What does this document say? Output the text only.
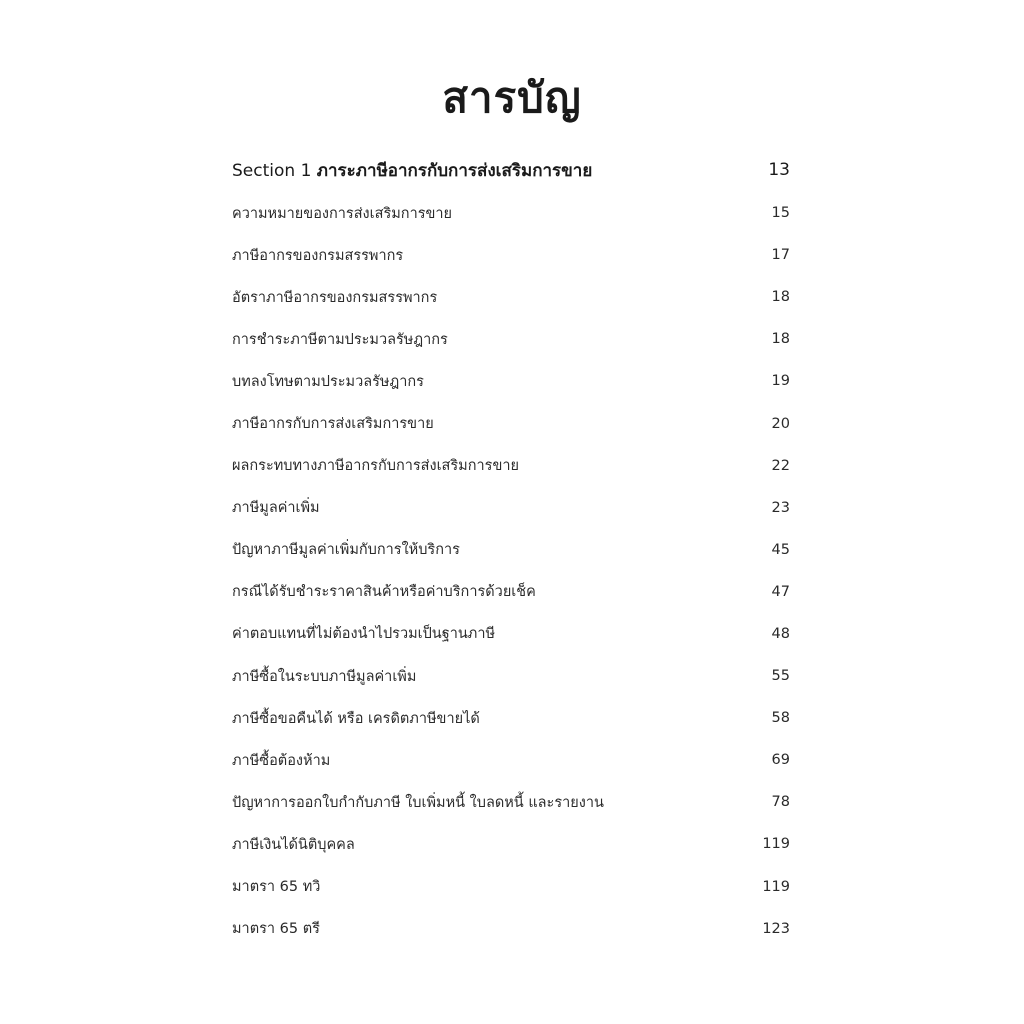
สารบัญ
Section 1 ภาระภาษีอากรกับการส่งเสริมการขาย	13
ความหมายของการส่งเสริมการขาย	15
ภาษีอากรของกรมสรรพากร	17
อัตราภาษีอากรของกรมสรรพากร	18
การชำระภาษีตามประมวลรัษฎากร	18
บทลงโทษตามประมวลรัษฎากร	19
ภาษีอากรกับการส่งเสริมการขาย	20
ผลกระทบทางภาษีอากรกับการส่งเสริมการขาย	22
ภาษีมูลค่าเพิ่ม	23
ปัญหาภาษีมูลค่าเพิ่มกับการให้บริการ	45
กรณีได้รับชำระราคาสินค้าหรือค่าบริการด้วยเช็ค	47
ค่าตอบแทนที่ไม่ต้องนำไปรวมเป็นฐานภาษี	48
ภาษีซื้อในระบบภาษีมูลค่าเพิ่ม	55
ภาษีซื้อขอคืนได้ หรือ เครดิตภาษีขายได้	58
ภาษีซื้อต้องห้าม	69
ปัญหาการออกใบกำกับภาษี ใบเพิ่มหนี้ ใบลดหนี้ และรายงาน	78
ภาษีเงินได้นิติบุคคล	119
มาตรา 65 ทวิ	119
มาตรา 65 ตรี	123
